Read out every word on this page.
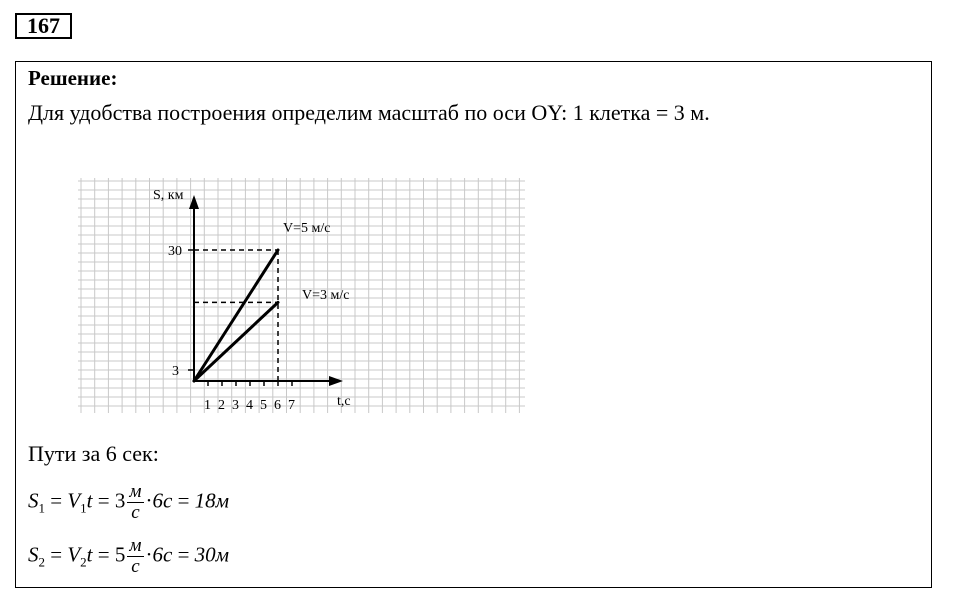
167
Решение:
Для удобства построения определим масштаб по оси OY: 1 клетка = 3 м.
S, км
t,c
30
3
V=5 м/с
V=3 м/с
1 2 3 4 5 6 7
Пути за 6 сек:
$S_1 = V_1t = 3 \frac{м}{с} \cdot 6с = 18м$
$S_2 = V_2t = 5 \frac{м}{с} \cdot 6с = 30м$
